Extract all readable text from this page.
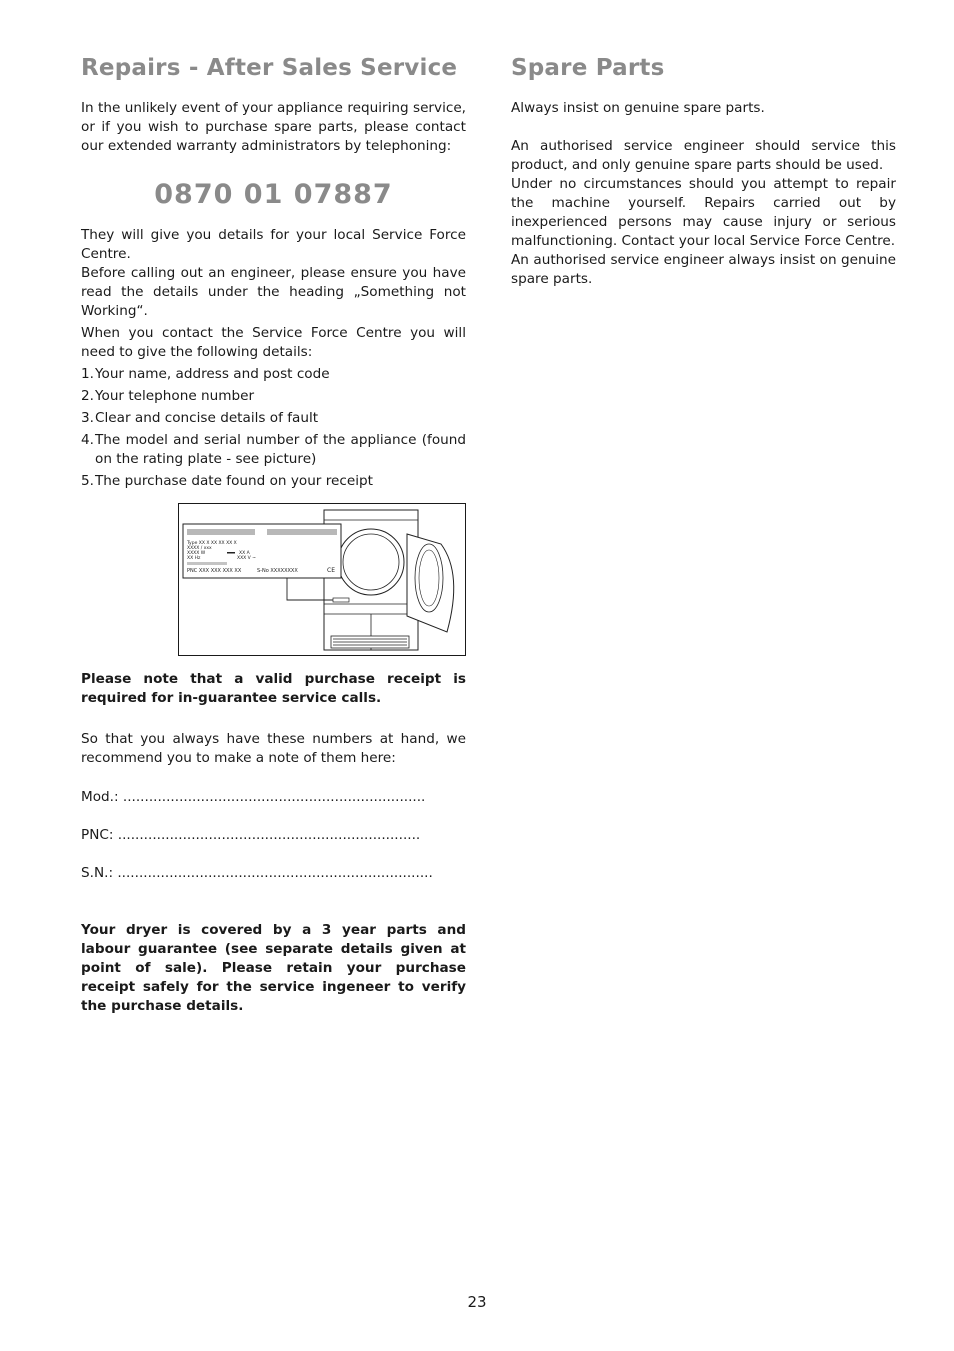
Repairs - After Sales Service

In the unlikely event of your appliance requiring service, or if you wish to purchase spare parts, please contact our extended warranty administrators by telephoning:

0870 01 07887

They will give you details for your local Service Force Centre.

Before calling out an engineer, please ensure you have read the details under the heading „Something not Working“.

When you contact the Service Force Centre you will need to give the following details:

1. Your name, address and post code
2. Your telephone number
3. Clear and concise details of fault
4. The model and serial number of the appliance (found on the rating plate - see picture)
5. The purchase date found on your receipt
Type XX X XX XX XX X
XXXX / xxx
XXXX W
XX Hz
XX A
XXX V ~
PNC XXX XXX XXX XX	S-No XXXXXXXX	CE

Please note that a valid purchase receipt is required for in-guarantee service calls.

So that you always have these numbers at hand, we recommend you to make a note of them here:

Mod.: ......................................................................
PNC: ......................................................................
S.N.: .........................................................................

Your dryer is covered by a 3 year parts and labour guarantee (see separate details given at point of sale). Please retain your purchase receipt safely for the service ingeneer to verify the purchase details.

Spare Parts

Always insist on genuine spare parts.

An authorised service engineer should service this product, and only genuine spare parts should be used.

Under no circumstances should you attempt to repair the machine yourself. Repairs carried out by inexperienced persons may cause injury or serious malfunctioning. Contact your local Service Force Centre.

An authorised service engineer always insist on genuine spare parts.

23
